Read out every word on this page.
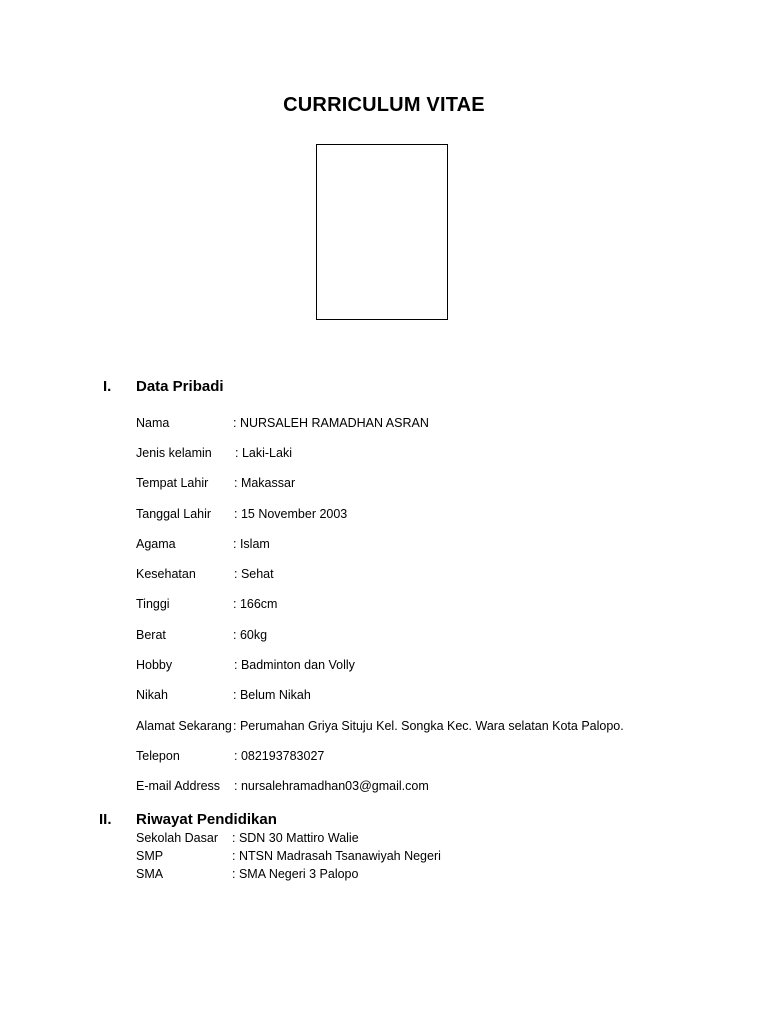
CURRICULUM VITAE
I. Data Pribadi
Nama	: NURSALEH RAMADHAN ASRAN
Jenis kelamin : Laki-Laki
Tempat Lahir : Makassar
Tanggal Lahir : 15 November 2003
Agama	: Islam
Kesehatan	: Sehat
Tinggi	: 166cm
Berat	: 60kg
Hobby	: Badminton dan Volly
Nikah	: Belum Nikah
Alamat Sekarang : Perumahan Griya Situju Kel. Songka Kec. Wara selatan Kota Palopo.
Telepon	: 082193783027
E-mail Address : nursalehramadhan03@gmail.com
II. Riwayat Pendidikan
Sekolah Dasar : SDN 30 Mattiro Walie
SMP	: NTSN Madrasah Tsanawiyah Negeri
SMA	: SMA Negeri 3 Palopo
